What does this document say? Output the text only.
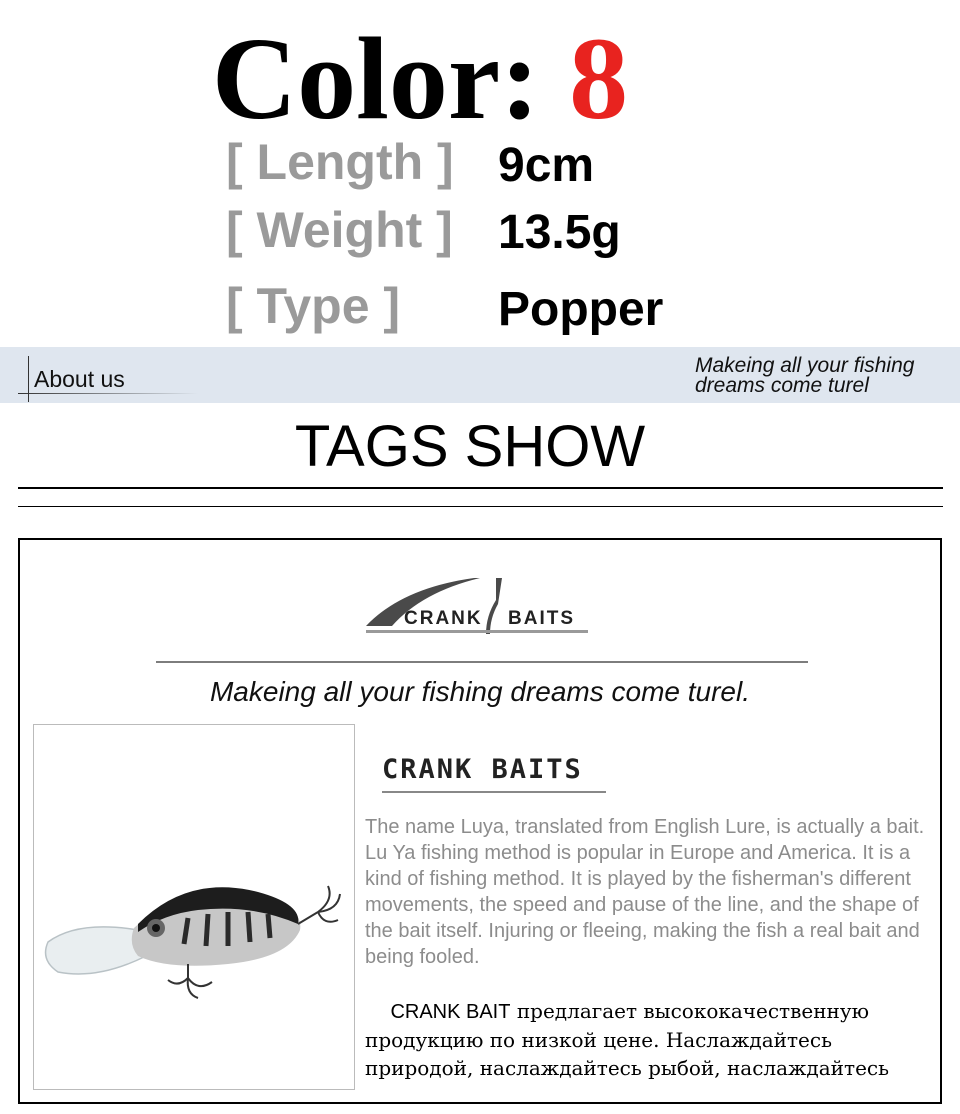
Color: 8
[ Length ] 9cm
[ Weight ] 13.5g
[ Type ] Popper
About us
Makeing all your fishing
dreams come turel
TAGS SHOW
CRANK BAITS
Makeing all your fishing dreams come turel.
CRANK BAITS

The name Luya, translated from English Lure, is actually a bait. Lu Ya fishing method is popular in Europe and America. It is a kind of fishing method. It is played by the fisherman's different movements, the speed and pause of the line, and the shape of the bait itself. Injuring or fleeing, making the fish a real bait and being fooled.

CRANK BAIT предлагает высококачественную продукцию по низкой цене. Наслаждайтесь природой, наслаждайтесь рыбой, наслаждайтесь
